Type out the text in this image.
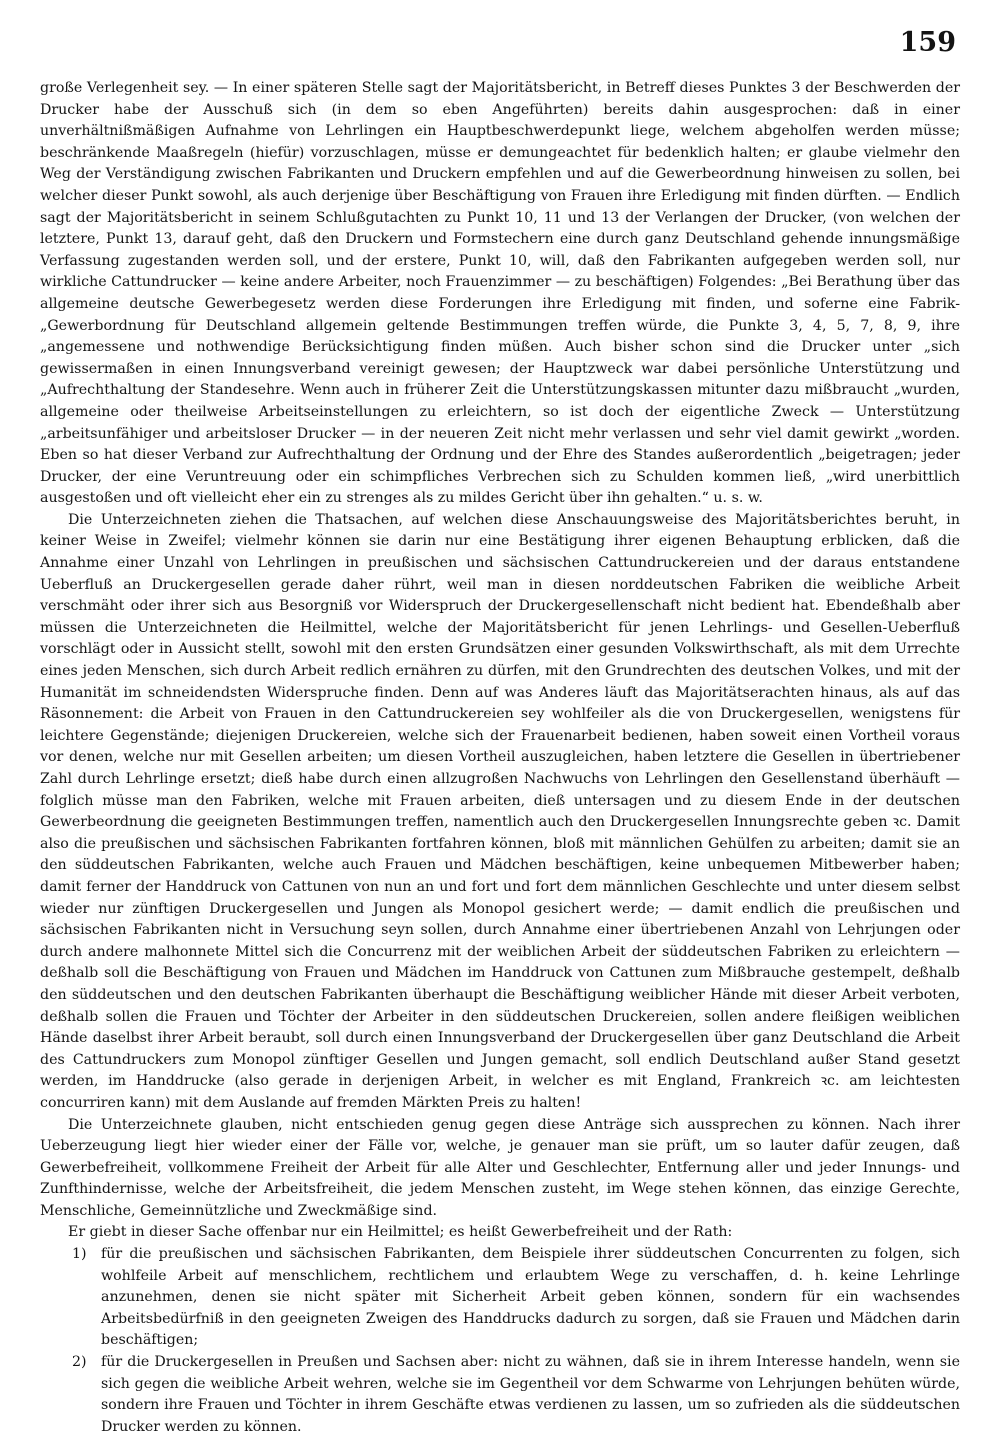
159

große Verlegenheit sey. — In einer späteren Stelle sagt der Majoritätsbericht, in Betreff dieses Punktes 3 der Beschwerden der Drucker habe der Ausschuß sich (in dem so eben Angeführten) bereits dahin ausgesprochen: daß in einer unverhältnißmäßigen Aufnahme von Lehrlingen ein Hauptbeschwerdepunkt liege, welchem abgeholfen werden müsse; beschränkende Maaßregeln (hiefür) vorzuschlagen, müsse er demungeachtet für bedenklich halten; er glaube vielmehr den Weg der Verständigung zwischen Fabrikanten und Druckern empfehlen und auf die Gewerbeordnung hinweisen zu sollen, bei welcher dieser Punkt sowohl, als auch derjenige über Beschäftigung von Frauen ihre Erledigung mit finden dürften. — Endlich sagt der Majoritätsbericht in seinem Schlußgutachten zu Punkt 10, 11 und 13 der Verlangen der Drucker, (von welchen der letztere, Punkt 13, darauf geht, daß den Druckern und Formstechern eine durch ganz Deutschland gehende innungsmäßige Verfassung zugestanden werden soll, und der erstere, Punkt 10, will, daß den Fabrikanten aufgegeben werden soll, nur wirkliche Cattundrucker — keine andere Arbeiter, noch Frauenzimmer — zu beschäftigen) Folgendes: „Bei Berathung über das allgemeine deutsche Gewerbegesetz werden diese Forderungen ihre Erledigung mit finden, und soferne eine Fabrik-„Gewerbordnung für Deutschland allgemein geltende Bestimmungen treffen würde, die Punkte 3, 4, 5, 7, 8, 9, ihre „angemessene und nothwendige Berücksichtigung finden müßen. Auch bisher schon sind die Drucker unter „sich gewissermaßen in einen Innungsverband vereinigt gewesen; der Hauptzweck war dabei persönliche Unterstützung und „Aufrechthaltung der Standesehre. Wenn auch in früherer Zeit die Unterstützungskassen mitunter dazu mißbraucht „wurden, allgemeine oder theilweise Arbeitseinstellungen zu erleichtern, so ist doch der eigentliche Zweck — Unterstützung „arbeitsunfähiger und arbeitsloser Drucker — in der neueren Zeit nicht mehr verlassen und sehr viel damit gewirkt „worden. Eben so hat dieser Verband zur Aufrechthaltung der Ordnung und der Ehre des Standes außerordentlich „beigetragen; jeder Drucker, der eine Veruntreuung oder ein schimpfliches Verbrechen sich zu Schulden kommen ließ, „wird unerbittlich ausgestoßen und oft vielleicht eher ein zu strenges als zu mildes Gericht über ihn gehalten.“ u. s. w.

Die Unterzeichneten ziehen die Thatsachen, auf welchen diese Anschauungsweise des Majoritätsberichtes beruht, in keiner Weise in Zweifel; vielmehr können sie darin nur eine Bestätigung ihrer eigenen Behauptung erblicken, daß die Annahme einer Unzahl von Lehrlingen in preußischen und sächsischen Cattundruckereien und der daraus entstandene Ueberfluß an Druckergesellen gerade daher rührt, weil man in diesen norddeutschen Fabriken die weibliche Arbeit verschmäht oder ihrer sich aus Besorgniß vor Widerspruch der Druckergesellenschaft nicht bedient hat. Ebendeßhalb aber müssen die Unterzeichneten die Heilmittel, welche der Majoritätsbericht für jenen Lehrlings- und Gesellen-Ueberfluß vorschlägt oder in Aussicht stellt, sowohl mit den ersten Grundsätzen einer gesunden Volkswirthschaft, als mit dem Urrechte eines jeden Menschen, sich durch Arbeit redlich ernähren zu dürfen, mit den Grundrechten des deutschen Volkes, und mit der Humanität im schneidendsten Widerspruche finden. Denn auf was Anderes läuft das Majoritätserachten hinaus, als auf das Räsonnement: die Arbeit von Frauen in den Cattundruckereien sey wohlfeiler als die von Druckergesellen, wenigstens für leichtere Gegenstände; diejenigen Druckereien, welche sich der Frauenarbeit bedienen, haben soweit einen Vortheil voraus vor denen, welche nur mit Gesellen arbeiten; um diesen Vortheil auszugleichen, haben letztere die Gesellen in übertriebener Zahl durch Lehrlinge ersetzt; dieß habe durch einen allzugroßen Nachwuchs von Lehrlingen den Gesellenstand überhäuft — folglich müsse man den Fabriken, welche mit Frauen arbeiten, dieß untersagen und zu diesem Ende in der deutschen Gewerbeordnung die geeigneten Bestimmungen treffen, namentlich auch den Druckergesellen Innungsrechte geben ꝛc. Damit also die preußischen und sächsischen Fabrikanten fortfahren können, bloß mit männlichen Gehülfen zu arbeiten; damit sie an den süddeutschen Fabrikanten, welche auch Frauen und Mädchen beschäftigen, keine unbequemen Mitbewerber haben; damit ferner der Handdruck von Cattunen von nun an und fort und fort dem männlichen Geschlechte und unter diesem selbst wieder nur zünftigen Druckergesellen und Jungen als Monopol gesichert werde; — damit endlich die preußischen und sächsischen Fabrikanten nicht in Versuchung seyn sollen, durch Annahme einer übertriebenen Anzahl von Lehrjungen oder durch andere malhonnete Mittel sich die Concurrenz mit der weiblichen Arbeit der süddeutschen Fabriken zu erleichtern — deßhalb soll die Beschäftigung von Frauen und Mädchen im Handdruck von Cattunen zum Mißbrauche gestempelt, deßhalb den süddeutschen und den deutschen Fabrikanten überhaupt die Beschäftigung weiblicher Hände mit dieser Arbeit verboten, deßhalb sollen die Frauen und Töchter der Arbeiter in den süddeutschen Druckereien, sollen andere fleißigen weiblichen Hände daselbst ihrer Arbeit beraubt, soll durch einen Innungsverband der Druckergesellen über ganz Deutschland die Arbeit des Cattundruckers zum Monopol zünftiger Gesellen und Jungen gemacht, soll endlich Deutschland außer Stand gesetzt werden, im Handdrucke (also gerade in derjenigen Arbeit, in welcher es mit England, Frankreich ꝛc. am leichtesten concurriren kann) mit dem Auslande auf fremden Märkten Preis zu halten!

Die Unterzeichnete glauben, nicht entschieden genug gegen diese Anträge sich aussprechen zu können. Nach ihrer Ueberzeugung liegt hier wieder einer der Fälle vor, welche, je genauer man sie prüft, um so lauter dafür zeugen, daß Gewerbefreiheit, vollkommene Freiheit der Arbeit für alle Alter und Geschlechter, Entfernung aller und jeder Innungs- und Zunfthindernisse, welche der Arbeitsfreiheit, die jedem Menschen zusteht, im Wege stehen können, das einzige Gerechte, Menschliche, Gemeinnützliche und Zweckmäßige sind.

Er giebt in dieser Sache offenbar nur ein Heilmittel; es heißt Gewerbefreiheit und der Rath:

1) für die preußischen und sächsischen Fabrikanten, dem Beispiele ihrer süddeutschen Concurrenten zu folgen, sich wohlfeile Arbeit auf menschlichem, rechtlichem und erlaubtem Wege zu verschaffen, d. h. keine Lehrlinge anzunehmen, denen sie nicht später mit Sicherheit Arbeit geben können, sondern für ein wachsendes Arbeitsbedürfniß in den geeigneten Zweigen des Handdrucks dadurch zu sorgen, daß sie Frauen und Mädchen darin beschäftigen;
2) für die Druckergesellen in Preußen und Sachsen aber: nicht zu wähnen, daß sie in ihrem Interesse handeln, wenn sie sich gegen die weibliche Arbeit wehren, welche sie im Gegentheil vor dem Schwarme von Lehrjungen behüten würde, sondern ihre Frauen und Töchter in ihrem Geschäfte etwas verdienen zu lassen, um so zufrieden als die süddeutschen Drucker werden zu können.
